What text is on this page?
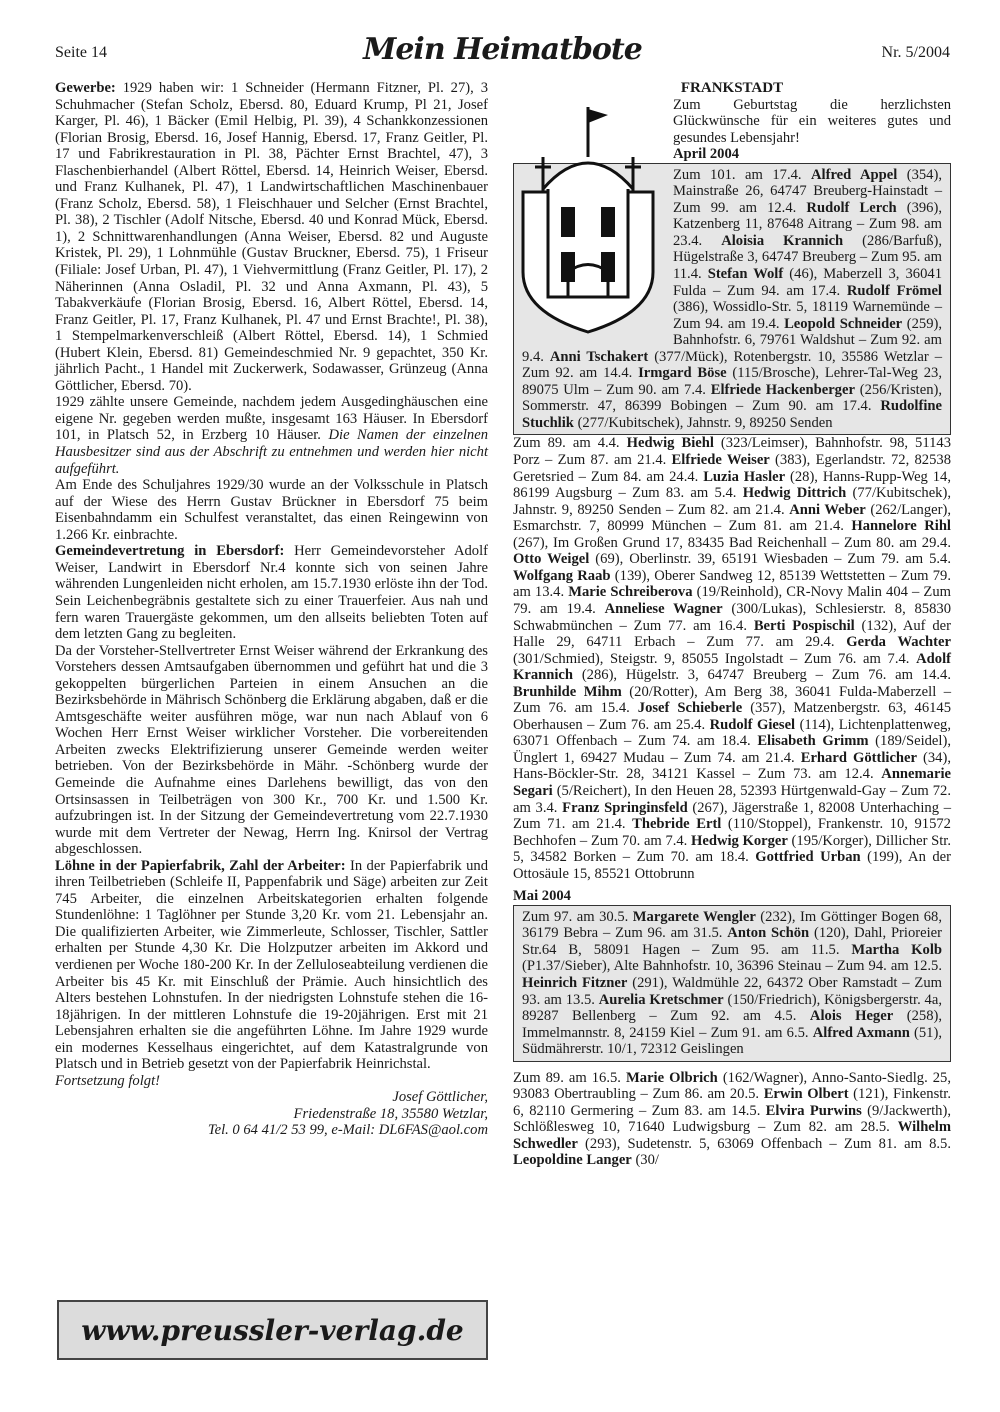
Seite 14	Mein Heimatbote	Nr. 5/2004

Gewerbe: 1929 haben wir: 1 Schneider (Hermann Fitzner, Pl. 27), 3 Schuhmacher (Stefan Scholz, Ebersd. 80, Eduard Krump, Pl 21, Josef Karger, Pl. 46), 1 Bäcker (Emil Helbig, Pl. 39), 4 Schankkonzessionen (Florian Brosig, Ebersd. 16, Josef Hannig, Ebersd. 17, Franz Geitler, Pl. 17 und Fabrikrestauration in Pl. 38, Pächter Ernst Brachtel, 47), 3 Flaschenbierhandel (Albert Röttel, Ebersd. 14, Heinrich Weiser, Ebersd. und Franz Kulhanek, Pl. 47), 1 Landwirtschaftlichen Maschinenbauer (Franz Scholz, Ebersd. 58), 1 Fleischhauer und Selcher (Ernst Brachtel, Pl. 38), 2 Tischler (Adolf Nitsche, Ebersd. 40 und Konrad Mück, Ebersd. 1), 2 Schnittwarenhandlungen (Anna Weiser, Ebersd. 82 und Auguste Kristek, Pl. 29), 1 Lohnmühle (Gustav Bruckner, Ebersd. 75), 1 Friseur (Filiale: Josef Urban, Pl. 47), 1 Viehvermittlung (Franz Geitler, Pl. 17), 2 Näherinnen (Anna Osladil, Pl. 32 und Anna Axmann, Pl. 43), 5 Tabakverkäufe (Florian Brosig, Ebersd. 16, Albert Röttel, Ebersd. 14, Franz Geitler, Pl. 17, Franz Kulhanek, Pl. 47 und Ernst Brachte!, Pl. 38), 1 Stempelmarkenverschleiß (Albert Röttel, Ebersd. 14), 1 Schmied (Hubert Klein, Ebersd. 81) Gemeindeschmied Nr. 9 gepachtet, 350 Kr. jährlich Pacht., 1 Handel mit Zuckerwerk, Sodawasser, Grünzeug (Anna Göttlicher, Ebersd. 70).

1929 zählte unsere Gemeinde, nachdem jedem Ausgedinghäuschen eine eigene Nr. gegeben werden mußte, insgesamt 163 Häuser. In Ebersdorf 101, in Platsch 52, in Erzberg 10 Häuser. Die Namen der einzelnen Hausbesitzer sind aus der Abschrift zu entnehmen und werden hier nicht aufgeführt.

Am Ende des Schuljahres 1929/30 wurde an der Volksschule in Platsch auf der Wiese des Herrn Gustav Brückner in Ebersdorf 75 beim Eisenbahndamm ein Schulfest veranstaltet, das einen Reingewinn von 1.266 Kr. einbrachte.

Gemeindevertretung in Ebersdorf: Herr Gemeindevorsteher Adolf Weiser, Landwirt in Ebersdorf Nr.4 konnte sich von seinen Jahre währenden Lungenleiden nicht erholen, am 15.7.1930 erlöste ihn der Tod. Sein Leichenbegräbnis gestaltete sich zu einer Trauerfeier. Aus nah und fern waren Trauergäste gekommen, um den allseits beliebten Toten auf dem letzten Gang zu begleiten.

Da der Vorsteher-Stellvertreter Ernst Weiser während der Erkrankung des Vorstehers dessen Amtsaufgaben übernommen und geführt hat und die 3 gekoppelten bürgerlichen Parteien in einem Ansuchen an die Bezirksbehörde in Mährisch Schönberg die Erklärung abgaben, daß er die Amtsgeschäfte weiter ausführen möge, war nun nach Ablauf von 6 Wochen Herr Ernst Weiser wirklicher Vorsteher. Die vorbereitenden Arbeiten zwecks Elektrifizierung unserer Gemeinde werden weiter betrieben. Von der Bezirksbehörde in Mähr. -Schönberg wurde der Gemeinde die Aufnahme eines Darlehens bewilligt, das von den Ortsinsassen in Teilbeträgen von 300 Kr., 700 Kr. und 1.500 Kr. aufzubringen ist. In der Sitzung der Gemeindevertretung vom 22.7.1930 wurde mit dem Vertreter der Newag, Herrn Ing. Knirsol der Vertrag abgeschlossen.

Löhne in der Papierfabrik, Zahl der Arbeiter: In der Papierfabrik und ihren Teilbetrieben (Schleife II, Pappenfabrik und Säge) arbeiten zur Zeit 745 Arbeiter, die einzelnen Arbeitskategorien erhalten folgende Stundenlöhne: 1 Taglöhner per Stunde 3,20 Kr. vom 21. Lebensjahr an. Die qualifizierten Arbeiter, wie Zimmerleute, Schlosser, Tischler, Sattler erhalten per Stunde 4,30 Kr. Die Holzputzer arbeiten im Akkord und verdienen per Woche 180-200 Kr. In der Zelluloseabteilung verdienen die Arbeiter bis 45 Kr. mit Einschluß der Prämie. Auch hinsichtlich des Alters bestehen Lohnstufen. In der niedrigsten Lohnstufe stehen die 16-18jährigen. In der mittleren Lohnstufe die 19-20jährigen. Erst mit 21 Lebensjahren erhalten sie die angeführten Löhne. Im Jahre 1929 wurde ein modernes Kesselhaus eingerichtet, auf dem Katastralgrunde von Platsch und in Betrieb gesetzt von der Papierfabrik Heinrichstal.

Fortsetzung folgt!

Josef Göttlicher,

Friedenstraße 18, 35580 Wetzlar,

Tel. 0 64 41/2 53 99, e-Mail: DL6FAS@aol.com

www.preussler-verlag.de
FRANKSTADT

Zum Geburtstag die herzlichsten Glückwünsche für ein weiteres gutes und gesundes Lebensjahr!

April 2004

Zum 101. am 17.4. Alfred Appel (354), Mainstraße 26, 64747 Breuberg-Hainstadt – Zum 99. am 12.4. Rudolf Lerch (396), Katzenberg 11, 87648 Aitrang – Zum 98. am 23.4. Aloisia Krannich (286/Barfuß), Hügelstraße 3, 64747 Breuberg – Zum 95. am 11.4. Stefan Wolf (46), Maberzell 3, 36041 Fulda – Zum 94. am 17.4. Rudolf Frömel (386), Wossidlo-Str. 5, 18119 Warnemünde – Zum 94. am 19.4. Leopold Schneider (259), Bahnhofstr. 6, 79761 Waldshut – Zum 92. am 9.4. Anni Tschakert (377/Mück), Rotenbergstr. 10, 35586 Wetzlar – Zum 92. am 14.4. Irmgard Böse (115/Brosche), Lehrer-Tal-Weg 23, 89075 Ulm – Zum 90. am 7.4. Elfriede Hackenberger (256/Kristen), Sommerstr. 47, 86399 Bobingen – Zum 90. am 17.4. Rudolfine Stuchlik (277/Kubitschek), Jahnstr. 9, 89250 Senden

Zum 89. am 4.4. Hedwig Biehl (323/Leimser), Bahnhofstr. 98, 51143 Porz – Zum 87. am 21.4. Elfriede Weiser (383), Egerlandstr. 72, 82538 Geretsried – Zum 84. am 24.4. Luzia Hasler (28), Hanns-Rupp-Weg 14, 86199 Augsburg – Zum 83. am 5.4. Hedwig Dittrich (77/Kubitschek), Jahnstr. 9, 89250 Senden – Zum 82. am 21.4. Anni Weber (262/Langer), Esmarchstr. 7, 80999 München – Zum 81. am 21.4. Hannelore Rihl (267), Im Großen Grund 17, 83435 Bad Reichenhall – Zum 80. am 29.4. Otto Weigel (69), Oberlinstr. 39, 65191 Wiesbaden – Zum 79. am 5.4. Wolfgang Raab (139), Oberer Sandweg 12, 85139 Wettstetten – Zum 79. am 13.4. Marie Schreiberova (19/Reinhold), CR-Novy Malin 404 – Zum 79. am 19.4. Anneliese Wagner (300/Lukas), Schlesierstr. 8, 85830 Schwabmünchen – Zum 77. am 16.4. Berti Pospischil (132), Auf der Halle 29, 64711 Erbach – Zum 77. am 29.4. Gerda Wachter (301/Schmied), Steigstr. 9, 85055 Ingolstadt – Zum 76. am 7.4. Adolf Krannich (286), Hügelstr. 3, 64747 Breuberg – Zum 76. am 14.4. Brunhilde Mihm (20/Rotter), Am Berg 38, 36041 Fulda-Maberzell – Zum 76. am 15.4. Josef Schieberle (357), Matzenbergstr. 63, 46145 Oberhausen – Zum 76. am 25.4. Rudolf Giesel (114), Lichtenplattenweg, 63071 Offenbach – Zum 74. am 18.4. Elisabeth Grimm (189/Seidel), Ünglert 1, 69427 Mudau – Zum 74. am 21.4. Erhard Göttlicher (34), Hans-Böckler-Str. 28, 34121 Kassel – Zum 73. am 12.4. Annemarie Segari (5/Reichert), In den Heuen 28, 52393 Hürtgenwald-Gay – Zum 72. am 3.4. Franz Springinsfeld (267), Jägerstraße 1, 82008 Unterhaching – Zum 71. am 21.4. Thebride Ertl (110/Stoppel), Frankenstr. 10, 91572 Bechhofen – Zum 70. am 7.4. Hedwig Korger (195/Korger), Dillicher Str. 5, 34582 Borken – Zum 70. am 18.4. Gottfried Urban (199), An der Ottosäule 15, 85521 Ottobrunn

Mai 2004

Zum 97. am 30.5. Margarete Wengler (232), Im Göttinger Bogen 68, 36179 Bebra – Zum 96. am 31.5. Anton Schön (120), Dahl, Prioreier Str.64 B, 58091 Hagen – Zum 95. am 11.5. Martha Kolb (P1.37/Sieber), Alte Bahnhofstr. 10, 36396 Steinau – Zum 94. am 12.5. Heinrich Fitzner (291), Waldmühle 22, 64372 Ober Ramstadt – Zum 93. am 13.5. Aurelia Kretschmer (150/Friedrich), Königsbergerstr. 4a, 89287 Bellenberg – Zum 92. am 4.5. Alois Heger (258), Immelmannstr. 8, 24159 Kiel – Zum 91. am 6.5. Alfred Axmann (51), Südmährerstr. 10/1, 72312 Geislingen

Zum 89. am 16.5. Marie Olbrich (162/Wagner), Anno-Santo-Siedlg. 25, 93083 Obertraubling – Zum 86. am 20.5. Erwin Olbert (121), Finkenstr. 6, 82110 Germering – Zum 83. am 14.5. Elvira Purwins (9/Jackwerth), Schlößlesweg 10, 71640 Ludwigsburg – Zum 82. am 28.5. Wilhelm Schwedler (293), Sudetenstr. 5, 63069 Offenbach – Zum 81. am 8.5. Leopoldine Langer (30/
